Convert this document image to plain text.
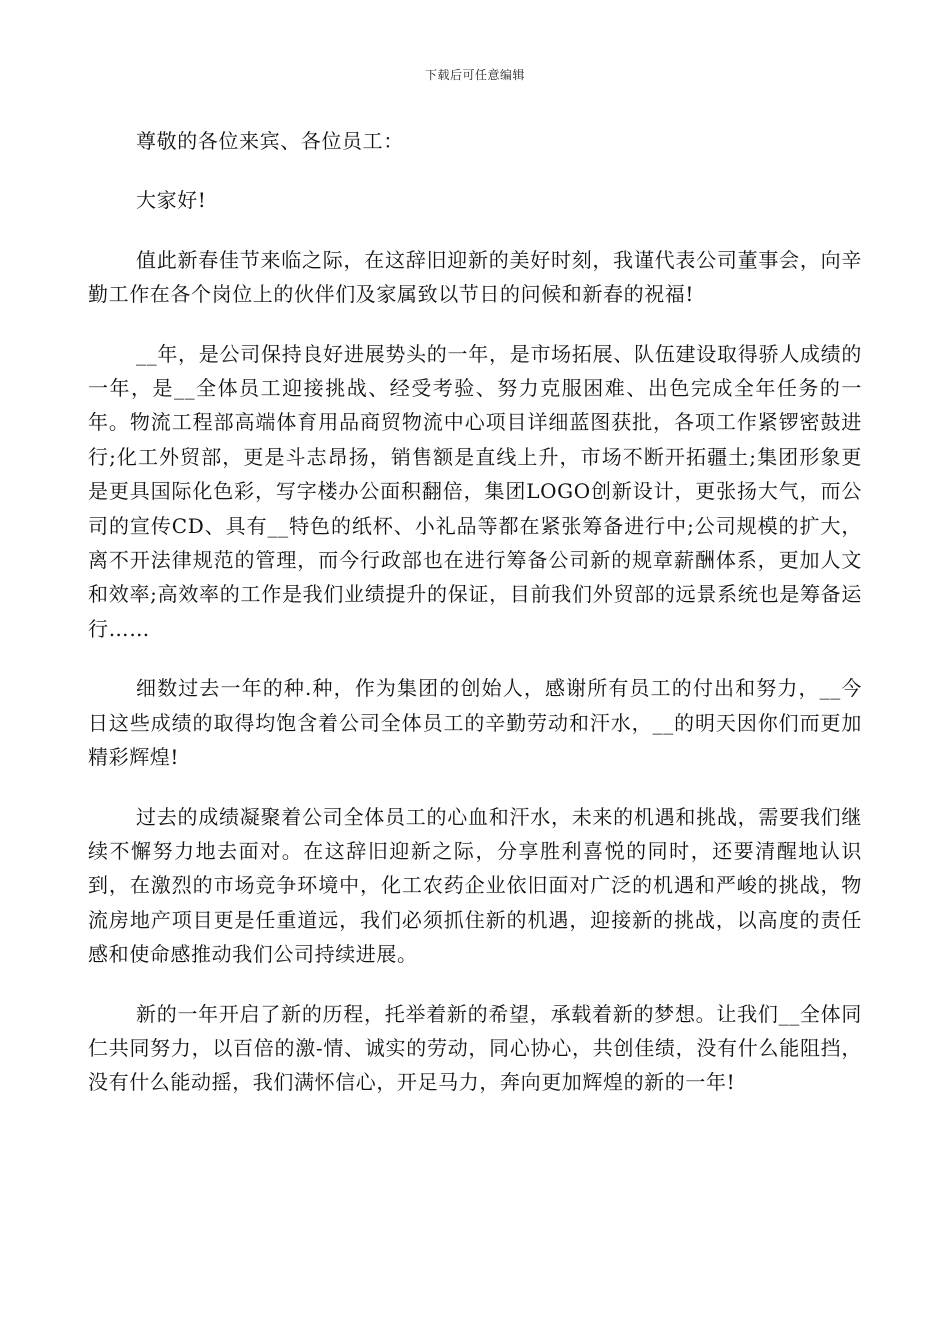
下载后可任意编辑

尊敬的各位来宾、各位员工：

大家好!

值此新春佳节来临之际，在这辞旧迎新的美好时刻，我谨代表公司董事会，向辛勤工作在各个岗位上的伙伴们及家属致以节日的问候和新春的祝福!

__年，是公司保持良好进展势头的一年，是市场拓展、队伍建设取得骄人成绩的一年，是__全体员工迎接挑战、经受考验、努力克服困难、出色完成全年任务的一年。物流工程部高端体育用品商贸物流中心项目详细蓝图获批，各项工作紧锣密鼓进行;化工外贸部，更是斗志昂扬，销售额是直线上升，市场不断开拓疆土;集团形象更是更具国际化色彩，写字楼办公面积翻倍，集团LOGO创新设计，更张扬大气，而公司的宣传CD、具有__特色的纸杯、小礼品等都在紧张筹备进行中;公司规模的扩大，离不开法律规范的管理，而今行政部也在进行筹备公司新的规章薪酬体系，更加人文和效率;高效率的工作是我们业绩提升的保证，目前我们外贸部的远景系统也是筹备运行……

细数过去一年的种.种，作为集团的创始人，感谢所有员工的付出和努力，__今日这些成绩的取得均饱含着公司全体员工的辛勤劳动和汗水，__的明天因你们而更加精彩辉煌!

过去的成绩凝聚着公司全体员工的心血和汗水，未来的机遇和挑战，需要我们继续不懈努力地去面对。在这辞旧迎新之际，分享胜利喜悦的同时，还要清醒地认识到，在激烈的市场竞争环境中，化工农药企业依旧面对广泛的机遇和严峻的挑战，物流房地产项目更是任重道远，我们必须抓住新的机遇，迎接新的挑战，以高度的责任感和使命感推动我们公司持续进展。

新的一年开启了新的历程，托举着新的希望，承载着新的梦想。让我们__全体同仁共同努力，以百倍的激-情、诚实的劳动，同心协心，共创佳绩，没有什么能阻挡，没有什么能动摇，我们满怀信心，开足马力，奔向更加辉煌的新的一年!
